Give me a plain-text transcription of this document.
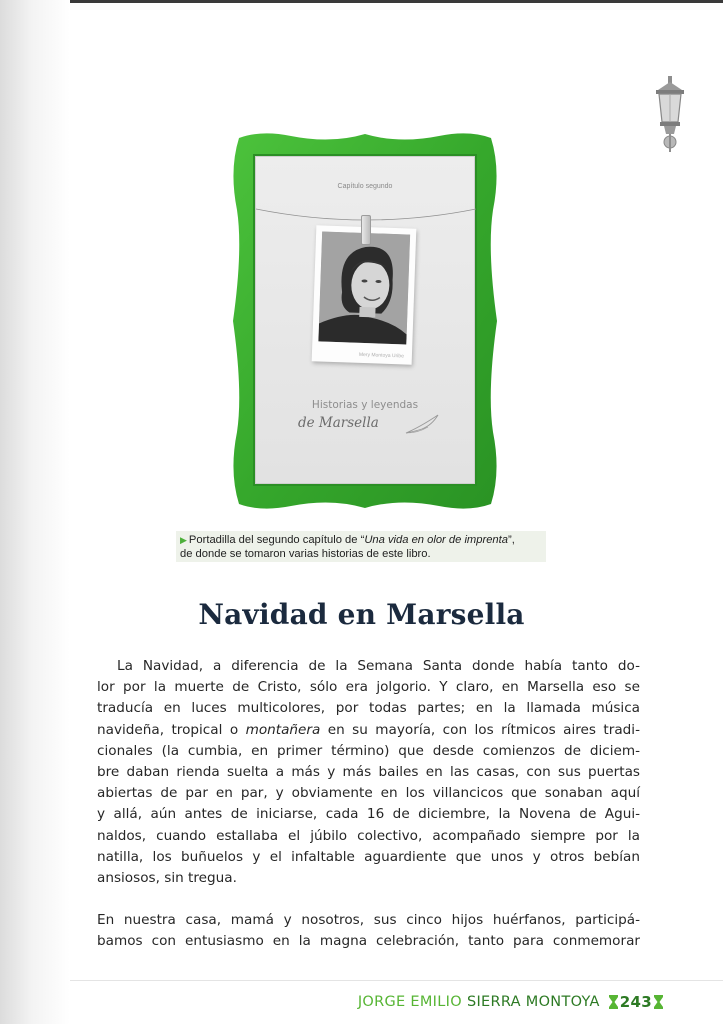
Capítulo segundo
Mery Montoya Uribe
Historias y leyendas
de Marsella
▶ Portadilla del segundo capítulo de “Una vida en olor de imprenta”,
de donde se tomaron varias historias de este libro.
Navidad en Marsella
La Navidad, a diferencia de la Semana Santa donde había tanto do-
lor por la muerte de Cristo, sólo era jolgorio. Y claro, en Marsella eso se
traducía en luces multicolores, por todas partes; en la llamada música
navideña, tropical o montañera en su mayoría, con los rítmicos aires tradi-
cionales (la cumbia, en primer término) que desde comienzos de diciem-
bre daban rienda suelta a más y más bailes en las casas, con sus puertas
abiertas de par en par, y obviamente en los villancicos que sonaban aquí
y allá, aún antes de iniciarse, cada 16 de diciembre, la Novena de Agui-
naldos, cuando estallaba el júbilo colectivo, acompañado siempre por la
natilla, los buñuelos y el infaltable aguardiente que unos y otros bebían
ansiosos, sin tregua.
En nuestra casa, mamá y nosotros, sus cinco hijos huérfanos, participá-
bamos con entusiasmo en la magna celebración, tanto para conmemorar
JORGE EMILIO SIERRA MONTOYA 243
